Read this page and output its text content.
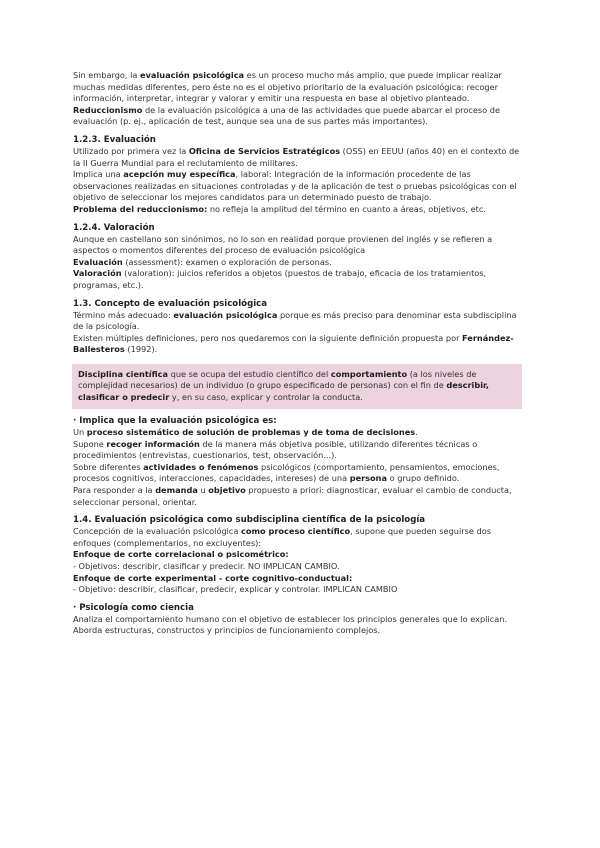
Sin embargo, la evaluación psicológica es un proceso mucho más amplio, que puede implicar realizar muchas medidas diferentes, pero éste no es el objetivo prioritario de la evaluación psicológica: recoger información, interpretar, integrar y valorar y emitir una respuesta en base al objetivo planteado.

Reduccionismo de la evaluación psicológica a una de las actividades que puede abarcar el proceso de evaluación (p. ej., aplicación de test, aunque sea una de sus partes más importantes).

1.2.3. Evaluación

Utilizado por primera vez la Oficina de Servicios Estratégicos (OSS) en EEUU (años 40) en el contexto de la II Guerra Mundial para el reclutamiento de militares.

Implica una acepción muy específica, laboral: Integración de la información procedente de las observaciones realizadas en situaciones controladas y de la aplicación de test o pruebas psicológicas con el objetivo de seleccionar los mejores candidatos para un determinado puesto de trabajo.

Problema del reduccionismo: no refleja la amplitud del término en cuanto a áreas, objetivos, etc.

1.2.4. Valoración

Aunque en castellano son sinónimos, no lo son en realidad porque provienen del inglés y se refieren a aspectos o momentos diferentes del proceso de evaluación psicológica

Evaluación (assessment): examen o exploración de personas.

Valoración (valoration): juicios referidos a objetos (puestos de trabajo, eficacia de los tratamientos, programas, etc.).

1.3. Concepto de evaluación psicológica

Término más adecuado: evaluación psicológica porque es más preciso para denominar esta subdisciplina de la psicología.

Existen múltiples definiciones, pero nos quedaremos con la siguiente definición propuesta por Fernández-Ballesteros (1992).

Disciplina científica que se ocupa del estudio científico del comportamiento (a los niveles de complejidad necesarios) de un individuo (o grupo especificado de personas) con el fin de describir, clasificar o predecir y, en su caso, explicar y controlar la conducta.

· Implica que la evaluación psicológica es:

Un proceso sistemático de solución de problemas y de toma de decisiones.

Supone recoger información de la manera más objetiva posible, utilizando diferentes técnicas o procedimientos (entrevistas, cuestionarios, test, observación...).

Sobre diferentes actividades o fenómenos psicológicos (comportamiento, pensamientos, emociones, procesos cognitivos, interacciones, capacidades, intereses) de una persona o grupo definido.

Para responder a la demanda u objetivo propuesto a priori: diagnosticar, evaluar el cambio de conducta, seleccionar personal, orientar.

1.4. Evaluación psicológica como subdisciplina científica de la psicología

Concepción de la evaluación psicológica como proceso científico, supone que pueden seguirse dos enfoques (complementarios, no excluyentes):

Enfoque de corte correlacional o psicométrico:

- Objetivos: describir, clasificar y predecir. NO IMPLICAN CAMBIO.

Enfoque de corte experimental - corte cognitivo-conductual:

- Objetivo: describir, clasificar, predecir, explicar y controlar. IMPLICAN CAMBIO

· Psicología como ciencia

Analiza el comportamiento humano con el objetivo de establecer los principios generales que lo explican.

Aborda estructuras, constructos y principios de funcionamiento complejos.
